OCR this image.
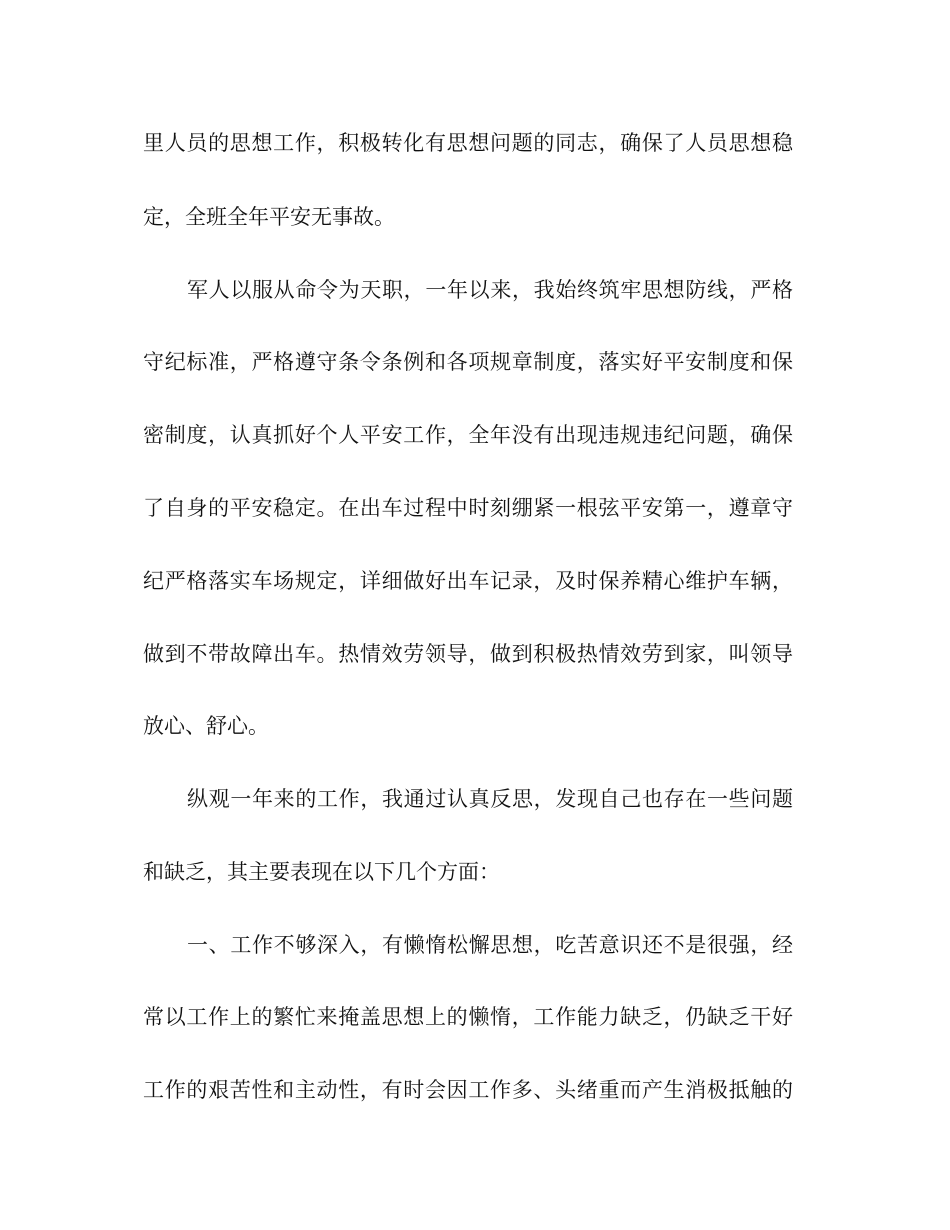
里人员的思想工作，积极转化有思想问题的同志，确保了人员思想稳
定，全班全年平安无事故。
军人以服从命令为天职，一年以来，我始终筑牢思想防线，严格
守纪标准，严格遵守条令条例和各项规章制度，落实好平安制度和保
密制度，认真抓好个人平安工作，全年没有出现违规违纪问题，确保
了自身的平安稳定。在出车过程中时刻绷紧一根弦平安第一，遵章守
纪严格落实车场规定，详细做好出车记录，及时保养精心维护车辆，
做到不带故障出车。热情效劳领导，做到积极热情效劳到家，叫领导
放心、舒心。
纵观一年来的工作，我通过认真反思，发现自己也存在一些问题
和缺乏，其主要表现在以下几个方面：
一、工作不够深入，有懒惰松懈思想，吃苦意识还不是很强，经
常以工作上的繁忙来掩盖思想上的懒惰，工作能力缺乏，仍缺乏干好
工作的艰苦性和主动性，有时会因工作多、头绪重而产生消极抵触的
